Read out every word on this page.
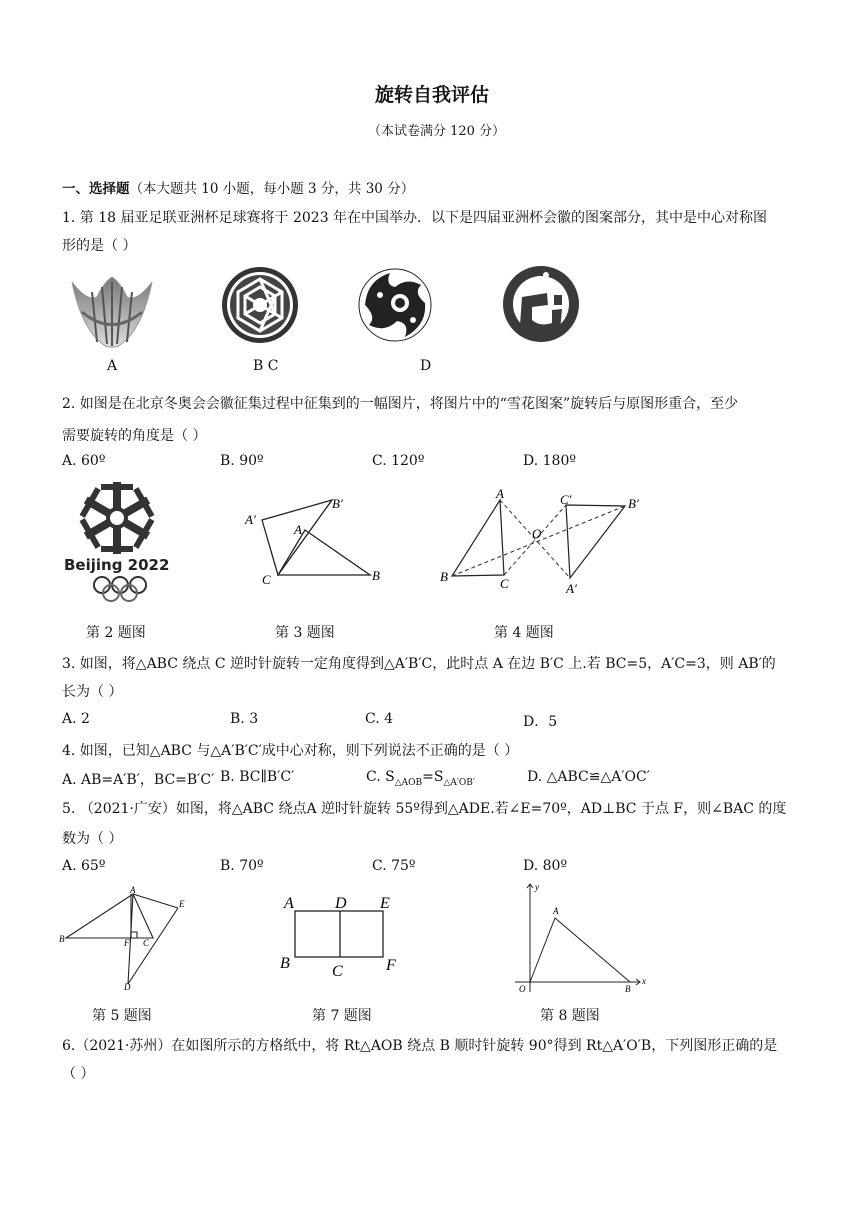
旋转自我评估
（本试卷满分 120 分）
一、选择题（本大题共 10 小题，每小题 3 分，共 30 分）
1. 第 18 届亚足联亚洲杯足球赛将于 2023 年在中国举办．以下是四届亚洲杯会徽的图案部分，其中是中心对称图
形的是（ ）
A	B C	D
2. 如图是在北京冬奥会会徽征集过程中征集到的一幅图片，将图片中的“雪花图案”旋转后与原图形重合，至少
需要旋转的角度是（ ）
A. 60º	B. 90º	C. 120º	D. 180º
Beijing 2022
A′
B′
A
C	B
A	C′	B′
O
B	C	A′
第 2 题图	第 3 题图	第 4 题图
3. 如图，将△ABC 绕点 C 逆时针旋转一定角度得到△A′B′C，此时点 A 在边 B′C 上.若 BC=5，A′C=3，则 AB′的
长为（ ）
A. 2	B. 3	C. 4	D．5
4. 如图，已知△ABC 与△A′B′C′成中心对称，则下列说法不正确的是（ ）
A. AB=A′B′，BC=B′C′ B. BC∥B′C′	C. $S_{\triangle AOB}=S_{\triangle A'OB'}$	D. △ABC≌△A′OC′
5. （2021·广安）如图，将△ABC 绕点A 逆时针旋转 55º得到△ADE.若∠E=70º，AD⊥BC 于点 F，则∠BAC 的度
数为（ ）
A. 65º	B. 70º	C. 75º	D. 80º
A
E
B	F C
D
A	D E
B	C	F
y
A
O	B
x
第 5 题图	第 7 题图	第 8 题图
6.（2021·苏州）在如图所示的方格纸中，将 Rt△AOB 绕点 B 顺时针旋转 90°得到 Rt△A′O′B，下列图形正确的是
（ ）
